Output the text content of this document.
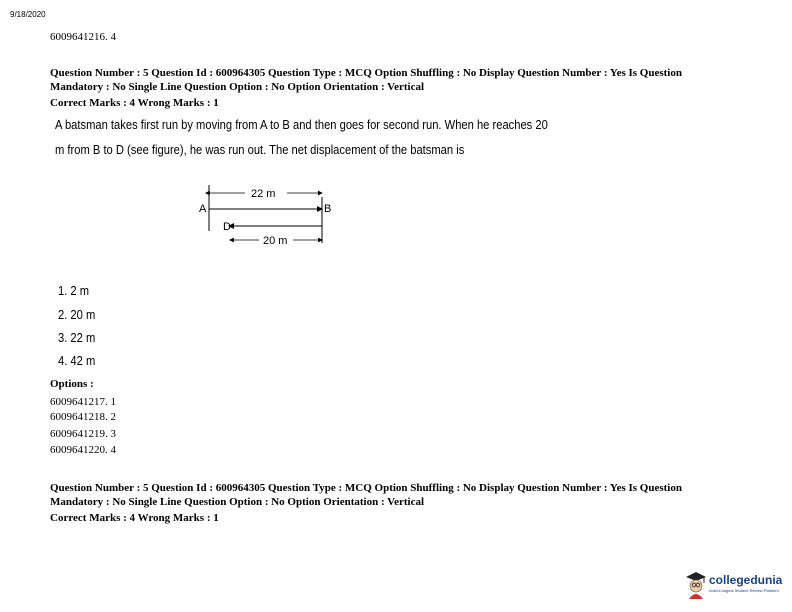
9/18/2020
6009641216. 4
Question Number : 5 Question Id : 600964305 Question Type : MCQ Option Shuffling : No Display Question Number : Yes Is Question
Mandatory : No Single Line Question Option : No Option Orientation : Vertical
Correct Marks : 4 Wrong Marks : 1
A batsman takes first run by moving from A to B and then goes for second run. When he reaches 20
m from B to D (see figure), he was run out. The net displacement of the batsman is
22 m
A	B
D
20 m
1. 2 m
2. 20 m
3. 22 m
4. 42 m
Options :
6009641217. 1
6009641218. 2
6009641219. 3
6009641220. 4
Question Number : 5 Question Id : 600964305 Question Type : MCQ Option Shuffling : No Display Question Number : Yes Is Question
Mandatory : No Single Line Question Option : No Option Orientation : Vertical
Correct Marks : 4 Wrong Marks : 1
collegedunia
India's largest Student Review Platform
